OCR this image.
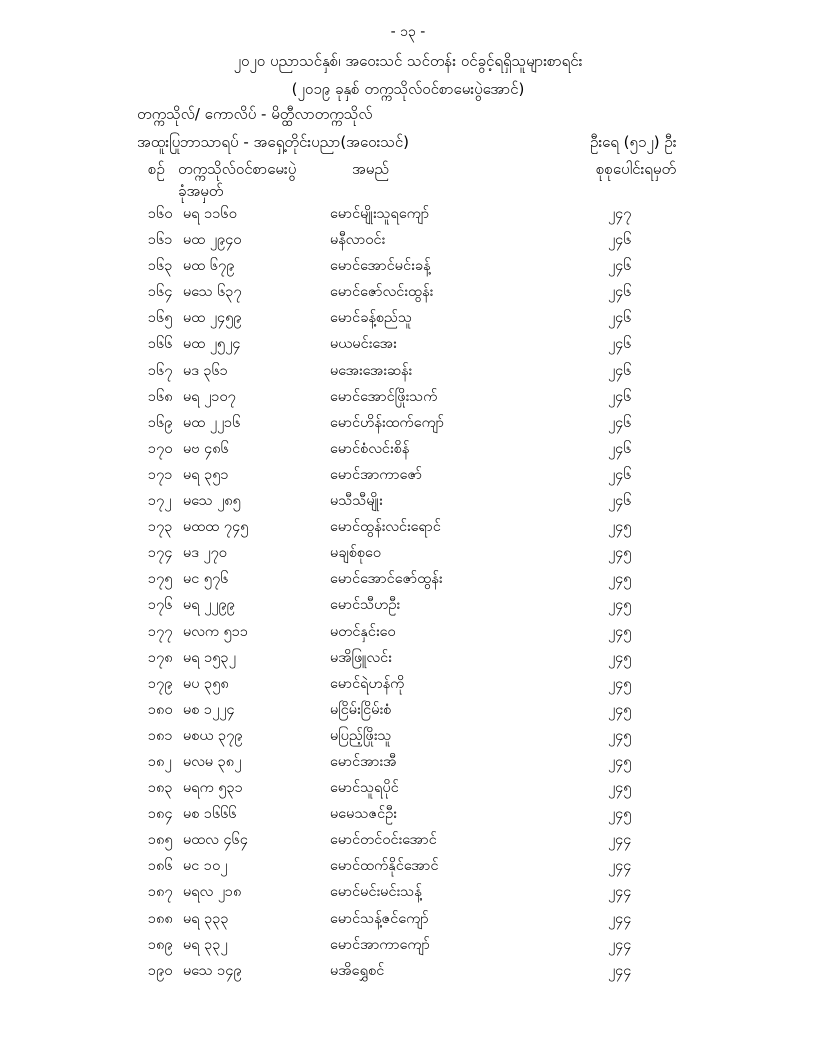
- ၁၃ -
၂၀၂၀ ပညာသင်နှစ်၊ အဝေးသင် သင်တန်း ဝင်ခွင့်ရရှိသူများစာရင်း
(၂၀၁၉ ခုနှစ် တက္ကသိုလ်ဝင်စာမေးပွဲအောင်)
တက္ကသိုလ်/ ကောလိပ် - မိတ္ထီလာတက္ကသိုလ်
အထူးပြုဘာသာရပ် - အရှေ့တိုင်းပညာ(အဝေးသင်)	ဦးရေ (၅၁၂) ဦး
စဉ် တက္ကသိုလ်ဝင်စာမေးပွဲ	အမည်	စုစုပေါင်းရမှတ်
ခုံအမှတ်
၁၆၀ မရ ၁၁၆၀	မောင်မျိုးသူရကျော်	၂၄၇
၁၆၁ မထ ၂၉၄၀	မနီလာဝင်း	၂၄၆
၁၆၃ မထ ၆၇၉	မောင်အောင်မင်းခန့်	၂၄၆
၁၆၄ မသေ ၆၃၇	မောင်ဇော်လင်းထွန်း	၂၄၆
၁၆၅ မထ ၂၄၅၉	မောင်ခန့်စည်သူ	၂၄၆
၁၆၆ မထ ၂၅၂၄	မယမင်းအေး	၂၄၆
၁၆၇ မဒ ၃၆၁	မအေးအေးဆန်း	၂၄၆
၁၆၈ မရ ၂၁၀၇	မောင်အောင်ဖြိုးသက်	၂၄၆
၁၆၉ မထ ၂၂၁၆	မောင်ဟိန်းထက်ကျော်	၂၄၆
၁၇၀ မဗ ၄၈၆	မောင်စံလင်းစိန်	၂၄၆
၁၇၁ မရ ၃၅၁	မောင်အာကာဇော်	၂၄၆
၁၇၂ မသေ ၂၈၅	မသီသီမျိုး	၂၄၆
၁၇၃ မထထ ၇၄၅	မောင်ထွန်းလင်းရောင်	၂၄၅
၁၇၄ မဒ ၂၇၀	မချစ်စုဝေ	၂၄၅
၁၇၅ မင ၅၇၆	မောင်အောင်ဇော်ထွန်း	၂၄၅
၁၇၆ မရ ၂၂၉၉	မောင်သီဟဦး	၂၄၅
၁၇၇ မလက ၅၁၁	မတင်နှင်းဝေ	၂၄၅
၁၇၈ မရ ၁၅၃၂	မအိဖြူလင်း	၂၄၅
၁၇၉ မပ ၃၅၈	မောင်ရဲဟန်ကို	၂၄၅
၁၈၀ မစ ၁၂၂၄	မငြိမ်းငြိမ်းစံ	၂၄၅
၁၈၁ မစယ ၃၇၉	မပြည့်ဖြိုးသူ	၂၄၅
၁၈၂ မလမ ၃၈၂	မောင်အားအီ	၂၄၅
၁၈၃ မရက ၅၃၁	မောင်သူရပိုင်	၂၄၅
၁၈၄ မစ ၁၆၆၆	မမေသဇင်ဦး	၂၄၅
၁၈၅ မထလ ၄၆၄	မောင်တင်ဝင်းအောင်	၂၄၄
၁၈၆ မင ၁၀၂	မောင်ထက်နိုင်အောင်	၂၄၄
၁၈၇ မရလ ၂၁၈	မောင်မင်းမင်းသန့်	၂၄၄
၁၈၈ မရ ၃၃၃	မောင်သန့်ဇင်ကျော်	၂၄၄
၁၈၉ မရ ၃၃၂	မောင်အာကာကျော်	၂၄၄
၁၉၀ မသေ ၁၄၉	မအိရွှေစင်	၂၄၄
